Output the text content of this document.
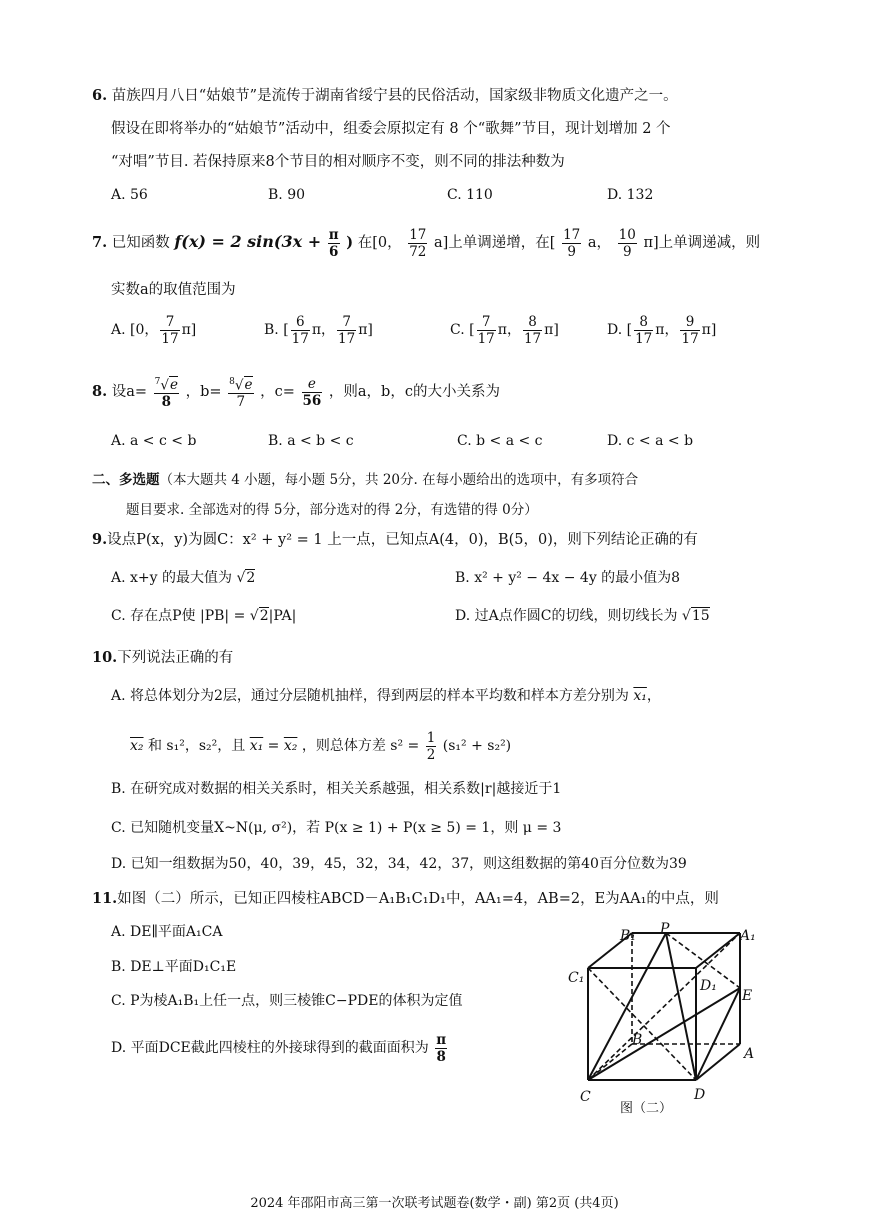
6. 苗族四月八日“姑娘节”是流传于湖南省绥宁县的民俗活动，国家级非物质文化遗产之一。
假设在即将举办的“姑娘节”活动中，组委会原拟定有 8 个“歌舞”节目，现计划增加 2 个
“对唱”节目. 若保持原来8个节目的相对顺序不变，则不同的排法种数为
A. 56	B. 90	C. 110	D. 132
7. 已知函数 f(x) = 2 $\sin(3x + \frac{\pi}{6}$ ) 在[0， $\frac{17}{72} a$]上单调递增，在[ $\frac{17}{9}$ a， $\frac{10}{9} \pi$]上单调递减，则
实数a的取值范围为
A. [0， $\frac{7}{17} \pi$]	B. [ $\frac{6}{17}$ π， $\frac{7}{17} \pi$]	C. [ $\frac{7}{17}$ π， $\frac{8}{17} \pi$]	D. [ $\frac{8}{17}$ π， $\frac{9}{17} \pi$]
8. 设$a= \frac{^7√e}{8}$ ，$b= \frac{^8√e}{7}$ ，$c= \frac{e}{56}$ ，则a，b，c的大小关系为
A. a < c < b	B. a < b < c	C. b < a < c	D. c < a < b
二、多选题（本大题共 4 小题，每小题 5分，共 20分. 在每小题给出的选项中，有多项符合
题目要求. 全部选对的得 5分，部分选对的得 2分，有选错的得 0分）
9.设点P(x，y)为圆C：x² + y² = 1 上一点，已知点A(4，0)，B(5，0)，则下列结论正确的有
A. x+y 的最大值为 √2	B. x² + y² − 4x − 4y 的最小值为8
C. 存在点P使 |PB| = √2|PA|	D. 过A点作圆C的切线，则切线长为 √15
10.下列说法正确的有
A. 将总体划分为2层，通过分层随机抽样，得到两层的样本平均数和样本方差分别为 x₁，
x₂ 和 s₁²，s₂²，且 x₁ = x₂ ，则总体方差 $s^2 = \frac{1}{2} (s_1^2 + s_2^2)$
B. 在研究成对数据的相关关系时，相关关系越强，相关系数|r|越接近于1
C. 已知随机变量X~N(μ, σ²)，若 P(x ≥ 1) + P(x ≥ 5) = 1，则 μ = 3
D. 已知一组数据为50，40，39，45，32，34，42，37，则这组数据的第40百分位数为39
11.如图（二）所示，已知正四棱柱ABCD－A₁B₁C₁D₁中，AA₁=4，AB=2，E为AA₁的中点，则
A. DE∥平面A₁CA
B. DE⊥平面D₁C₁E
C. P为棱A₁B₁上任一点，则三棱锥C−PDE的体积为定值
D. 平面DCE截此四棱柱的外接球得到的截面面积为 $\frac{\pi}{8}$
B₁ P	A₁
C₁	D₁
E
B
A
C	D
图（二）
2024 年邵阳市高三第一次联考试题卷(数学・副) 第2页 (共4页)
